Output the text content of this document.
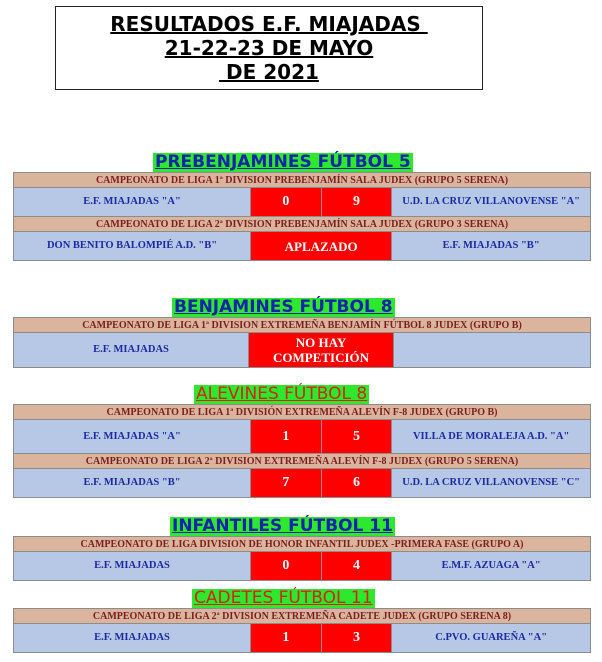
RESULTADOS E.F. MIAJADAS
21-22-23 DE MAYO
DE 2021
PREBENJAMINES FÚTBOL 5
CAMPEONATO DE LIGA 1ª DIVISION PREBENJAMÍN SALA JUDEX (GRUPO 5 SERENA)			
E.F. MIAJADAS "A"	0	9	U.D. LA CRUZ VILLANOVENSE "A"
CAMPEONATO DE LIGA 2ª DIVISION PREBENJAMÍN SALA JUDEX (GRUPO 3 SERENA)			
DON BENITO BALOMPIÉ A.D. "B"	APLAZADO		E.F. MIAJADAS "B"
BENJAMINES FÚTBOL 8
CAMPEONATO DE LIGA 1ª DIVISION EXTREMEÑA BENJAMÍN FÚTBOL 8 JUDEX (GRUPO B)
E.F. MIAJADAS	NO HAY COMPETICIÓN	
ALEVINES FÚTBOL 8
CAMPEONATO DE LIGA 1ª DIVISIÓN EXTREMEÑA ALEVÍN F-8 JUDEX (GRUPO B)			
E.F. MIAJADAS "A"	1	5	VILLA DE MORALEJA A.D. "A"
CAMPEONATO DE LIGA 2ª DIVISION EXTREMEÑA ALEVÍN F-8 JUDEX (GRUPO 5 SERENA)			
E.F. MIAJADAS "B"	7	6	U.D. LA CRUZ VILLANOVENSE "C"
INFANTILES FÚTBOL 11
CAMPEONATO DE LIGA DIVISION DE HONOR INFANTIL JUDEX -PRIMERA FASE (GRUPO A)
E.F. MIAJADAS	0	4	E.M.F. AZUAGA "A"
CADETES FÚTBOL 11
CAMPEONATO DE LIGA 2ª DIVISION EXTREMEÑA CADETE JUDEX (GRUPO SERENA 8)
E.F. MIAJADAS	1	3	C.PVO. GUAREÑA "A"
